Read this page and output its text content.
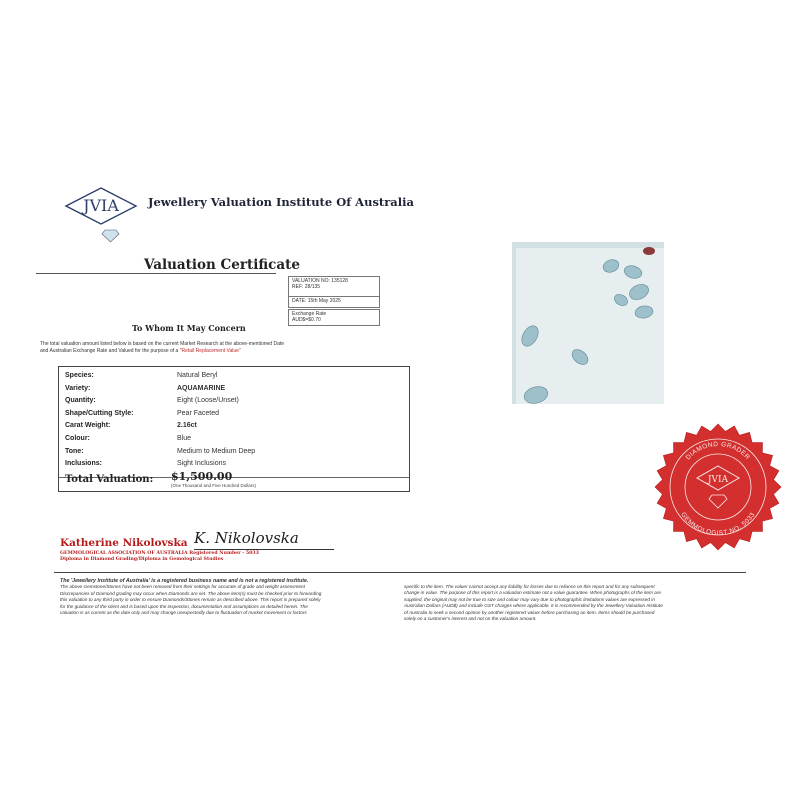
JVIA	Jewellery Valuation Institute Of Australia
Valuation Certificate
VALUATION NO: 135128
REF: 28/135
DATE: 15th May 2025
Exchange Rate
AUD$=$0.70
To Whom It May Concern
The total valuation amount listed below is based on the current Market Research at the above-mentioned Date
and Australian Exchange Rate and Valued for the purpose of a "Retail Replacement Value"
Species:	Natural Beryl
Variety:	AQUAMARINE
Quantity:	Eight (Loose/Unset)
Shape/Cutting Style:	Pear Faceted
Carat Weight:	2.16ct
Colour:	Blue
Tone:	Medium to Medium Deep
Inclusions:	Sight Inclusions
Total Valuation: $1,500.00
(One Thousand and Five Hundred Dollars)
Katherine Nikolovska K. Nikolovska
GEMMOLOGICAL ASSOCIATION OF AUSTRALIA Registered Number - 5033
Diploma in Diamond Grading/Diploma in Gemological Studies
The 'Jewellery Institute of Australia' is a registered business name and is not a registered institute.
The above Gemstone/Stones have not been removed from their settings for accurate of grade and weight assessment
Discrepancies of Diamond grading may occur when Diamonds are set. The above item(s) must be checked prior to forwarding
this valuation to any third party in order to ensure Diamonds/Stones remain as described above. This report is prepared solely
for the guidance of the client and is based upon the inspection, documentation and assumptions as detailed herein. The
valuation is as current as the date only and may change unexpectedly due to fluctuation of market movement or factors
specific to the item. The valuer cannot accept any liability for losses due to reliance on this report and for any subsequent
change in value. The purpose of this report is a valuation estimate not a value guarantee. When photographs of the item are
supplied, the original may not be true to size and colour may vary due to photographic limitations values are expressed in
Australian Dollars (AUD$) and include GST charges where applicable. It is recommended by the Jewellery Valuation Institute
of Australia to seek a second opinion by another registered valuer before purchasing an item. Items should be purchased
solely on a customer's interest and not on the valuation amount.
DIAMOND GRADER
GEMMOLOGIST NO. 5033
JVIA
